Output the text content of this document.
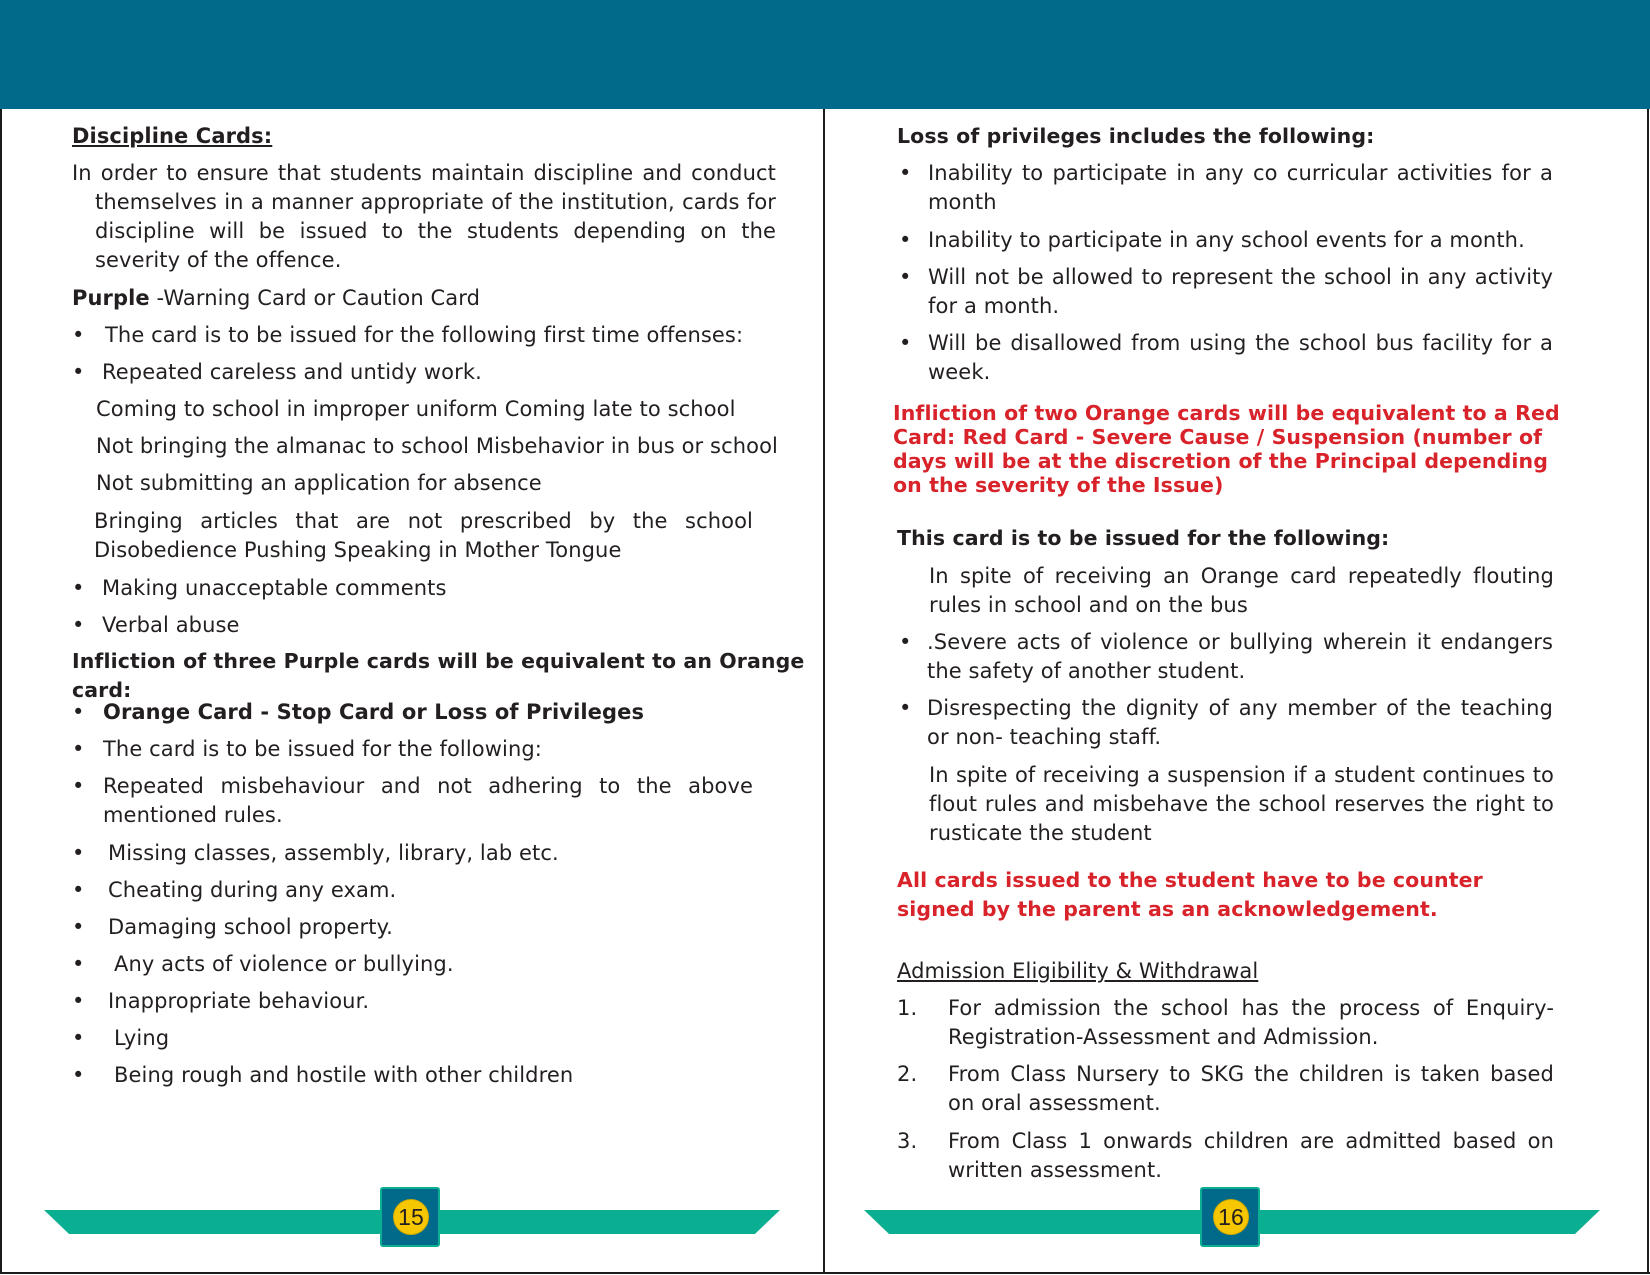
Discipline Cards:

In order to ensure that students maintain discipline and conduct themselves in a manner appropriate of the institution, cards for discipline will be issued to the students depending on the severity of the offence.

Purple -Warning Card or Caution Card

• The card is to be issued for the following first time offenses:
• Repeated careless and untidy work.

Coming to school in improper uniform Coming late to school

Not bringing the almanac to school Misbehavior in bus or school

Not submitting an application for absence

Bringing articles that are not prescribed by the school Disobedience Pushing Speaking in Mother Tongue

• Making unacceptable comments
• Verbal abuse

Infliction of three Purple cards will be equivalent to an Orange card:

• Orange Card - Stop Card or Loss of Privileges
• The card is to be issued for the following:
• Repeated misbehaviour and not adhering to the above mentioned rules.
• Missing classes, assembly, library, lab etc.
• Cheating during any exam.
• Damaging school property.
• Any acts of violence or bullying.
• Inappropriate behaviour.
• Lying
• Being rough and hostile with other children
15

Loss of privileges includes the following:

• Inability to participate in any co curricular activities for a month
• Inability to participate in any school events for a month.
• Will not be allowed to represent the school in any activity for a month.
• Will be disallowed from using the school bus facility for a week.

Infliction of two Orange cards will be equivalent to a Red Card: Red Card - Severe Cause / Suspension (number of days will be at the discretion of the Principal depending on the severity of the Issue)

This card is to be issued for the following:

In spite of receiving an Orange card repeatedly flouting rules in school and on the bus

• .Severe acts of violence or bullying wherein it endangers the safety of another student.
• Disrespecting the dignity of any member of the teaching or non- teaching staff.

In spite of receiving a suspension if a student continues to flout rules and misbehave the school reserves the right to rusticate the student

All cards issued to the student have to be counter signed by the parent as an acknowledgement.

Admission Eligibility & Withdrawal

1. For admission the school has the process of Enquiry-Registration-Assessment and Admission.
2. From Class Nursery to SKG the children is taken based on oral assessment.
3. From Class 1 onwards children are admitted based on written assessment.
16
